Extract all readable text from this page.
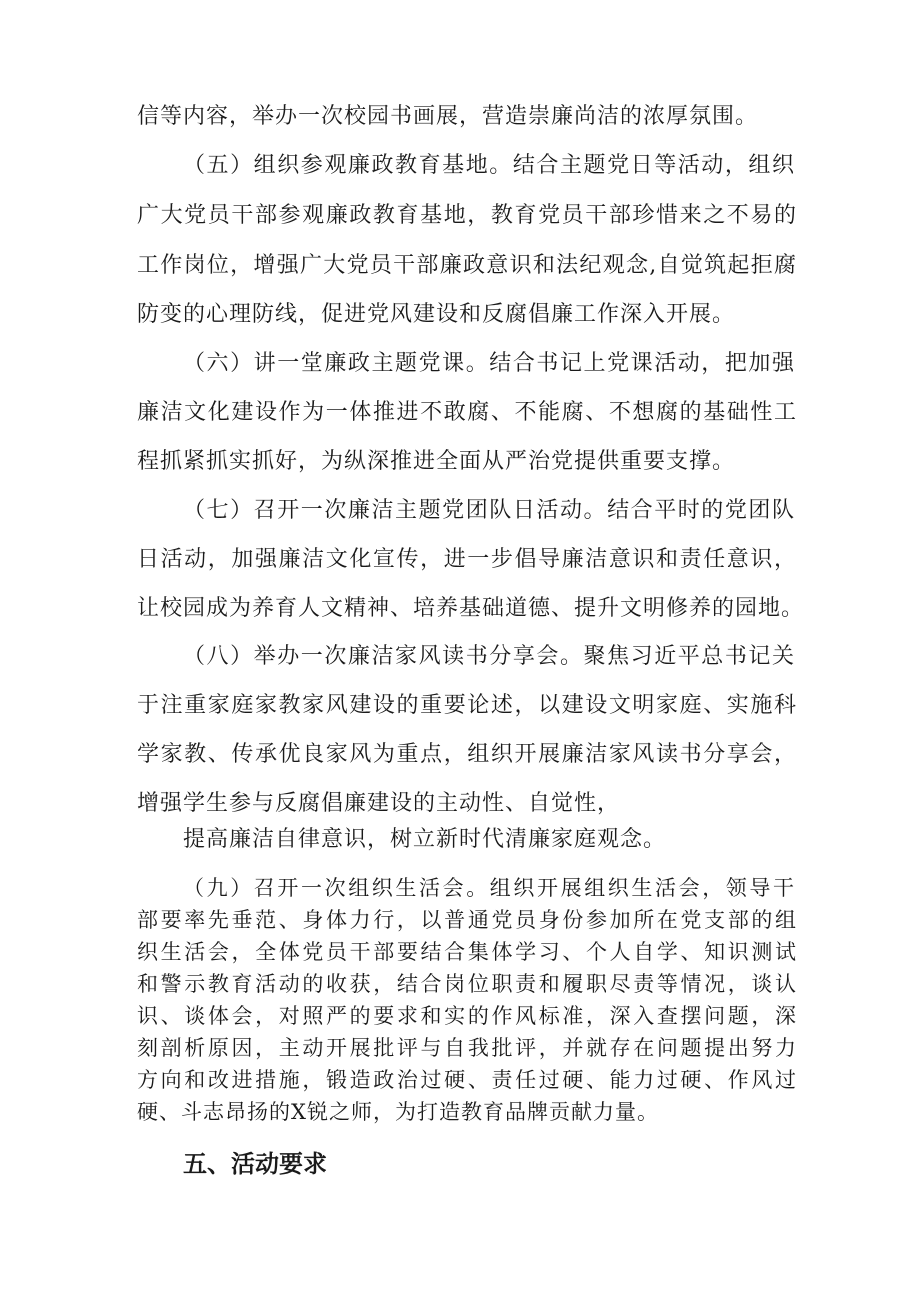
信等内容，举办一次校园书画展，营造崇廉尚洁的浓厚氛围。
（五）组织参观廉政教育基地。结合主题党日等活动，组织
广大党员干部参观廉政教育基地，教育党员干部珍惜来之不易的
工作岗位，增强广大党员干部廉政意识和法纪观念,自觉筑起拒腐
防变的心理防线，促进党风建设和反腐倡廉工作深入开展。
（六）讲一堂廉政主题党课。结合书记上党课活动，把加强
廉洁文化建设作为一体推进不敢腐、不能腐、不想腐的基础性工
程抓紧抓实抓好，为纵深推进全面从严治党提供重要支撑。
（七）召开一次廉洁主题党团队日活动。结合平时的党团队
日活动，加强廉洁文化宣传，进一步倡导廉洁意识和责任意识，
让校园成为养育人文精神、培养基础道德、提升文明修养的园地。
（八）举办一次廉洁家风读书分享会。聚焦习近平总书记关
于注重家庭家教家风建设的重要论述，以建设文明家庭、实施科
学家教、传承优良家风为重点，组织开展廉洁家风读书分享会，
增强学生参与反腐倡廉建设的主动性、自觉性，
提高廉洁自律意识，树立新时代清廉家庭观念。
（九）召开一次组织生活会。组织开展组织生活会，领导干
部要率先垂范、身体力行，以普通党员身份参加所在党支部的组
织生活会，全体党员干部要结合集体学习、个人自学、知识测试
和警示教育活动的收获，结合岗位职责和履职尽责等情况，谈认
识、谈体会，对照严的要求和实的作风标准，深入查摆问题，深
刻剖析原因，主动开展批评与自我批评，并就存在问题提出努力
方向和改进措施，锻造政治过硬、责任过硬、能力过硬、作风过
硬、斗志昂扬的X锐之师，为打造教育品牌贡献力量。
五、活动要求
